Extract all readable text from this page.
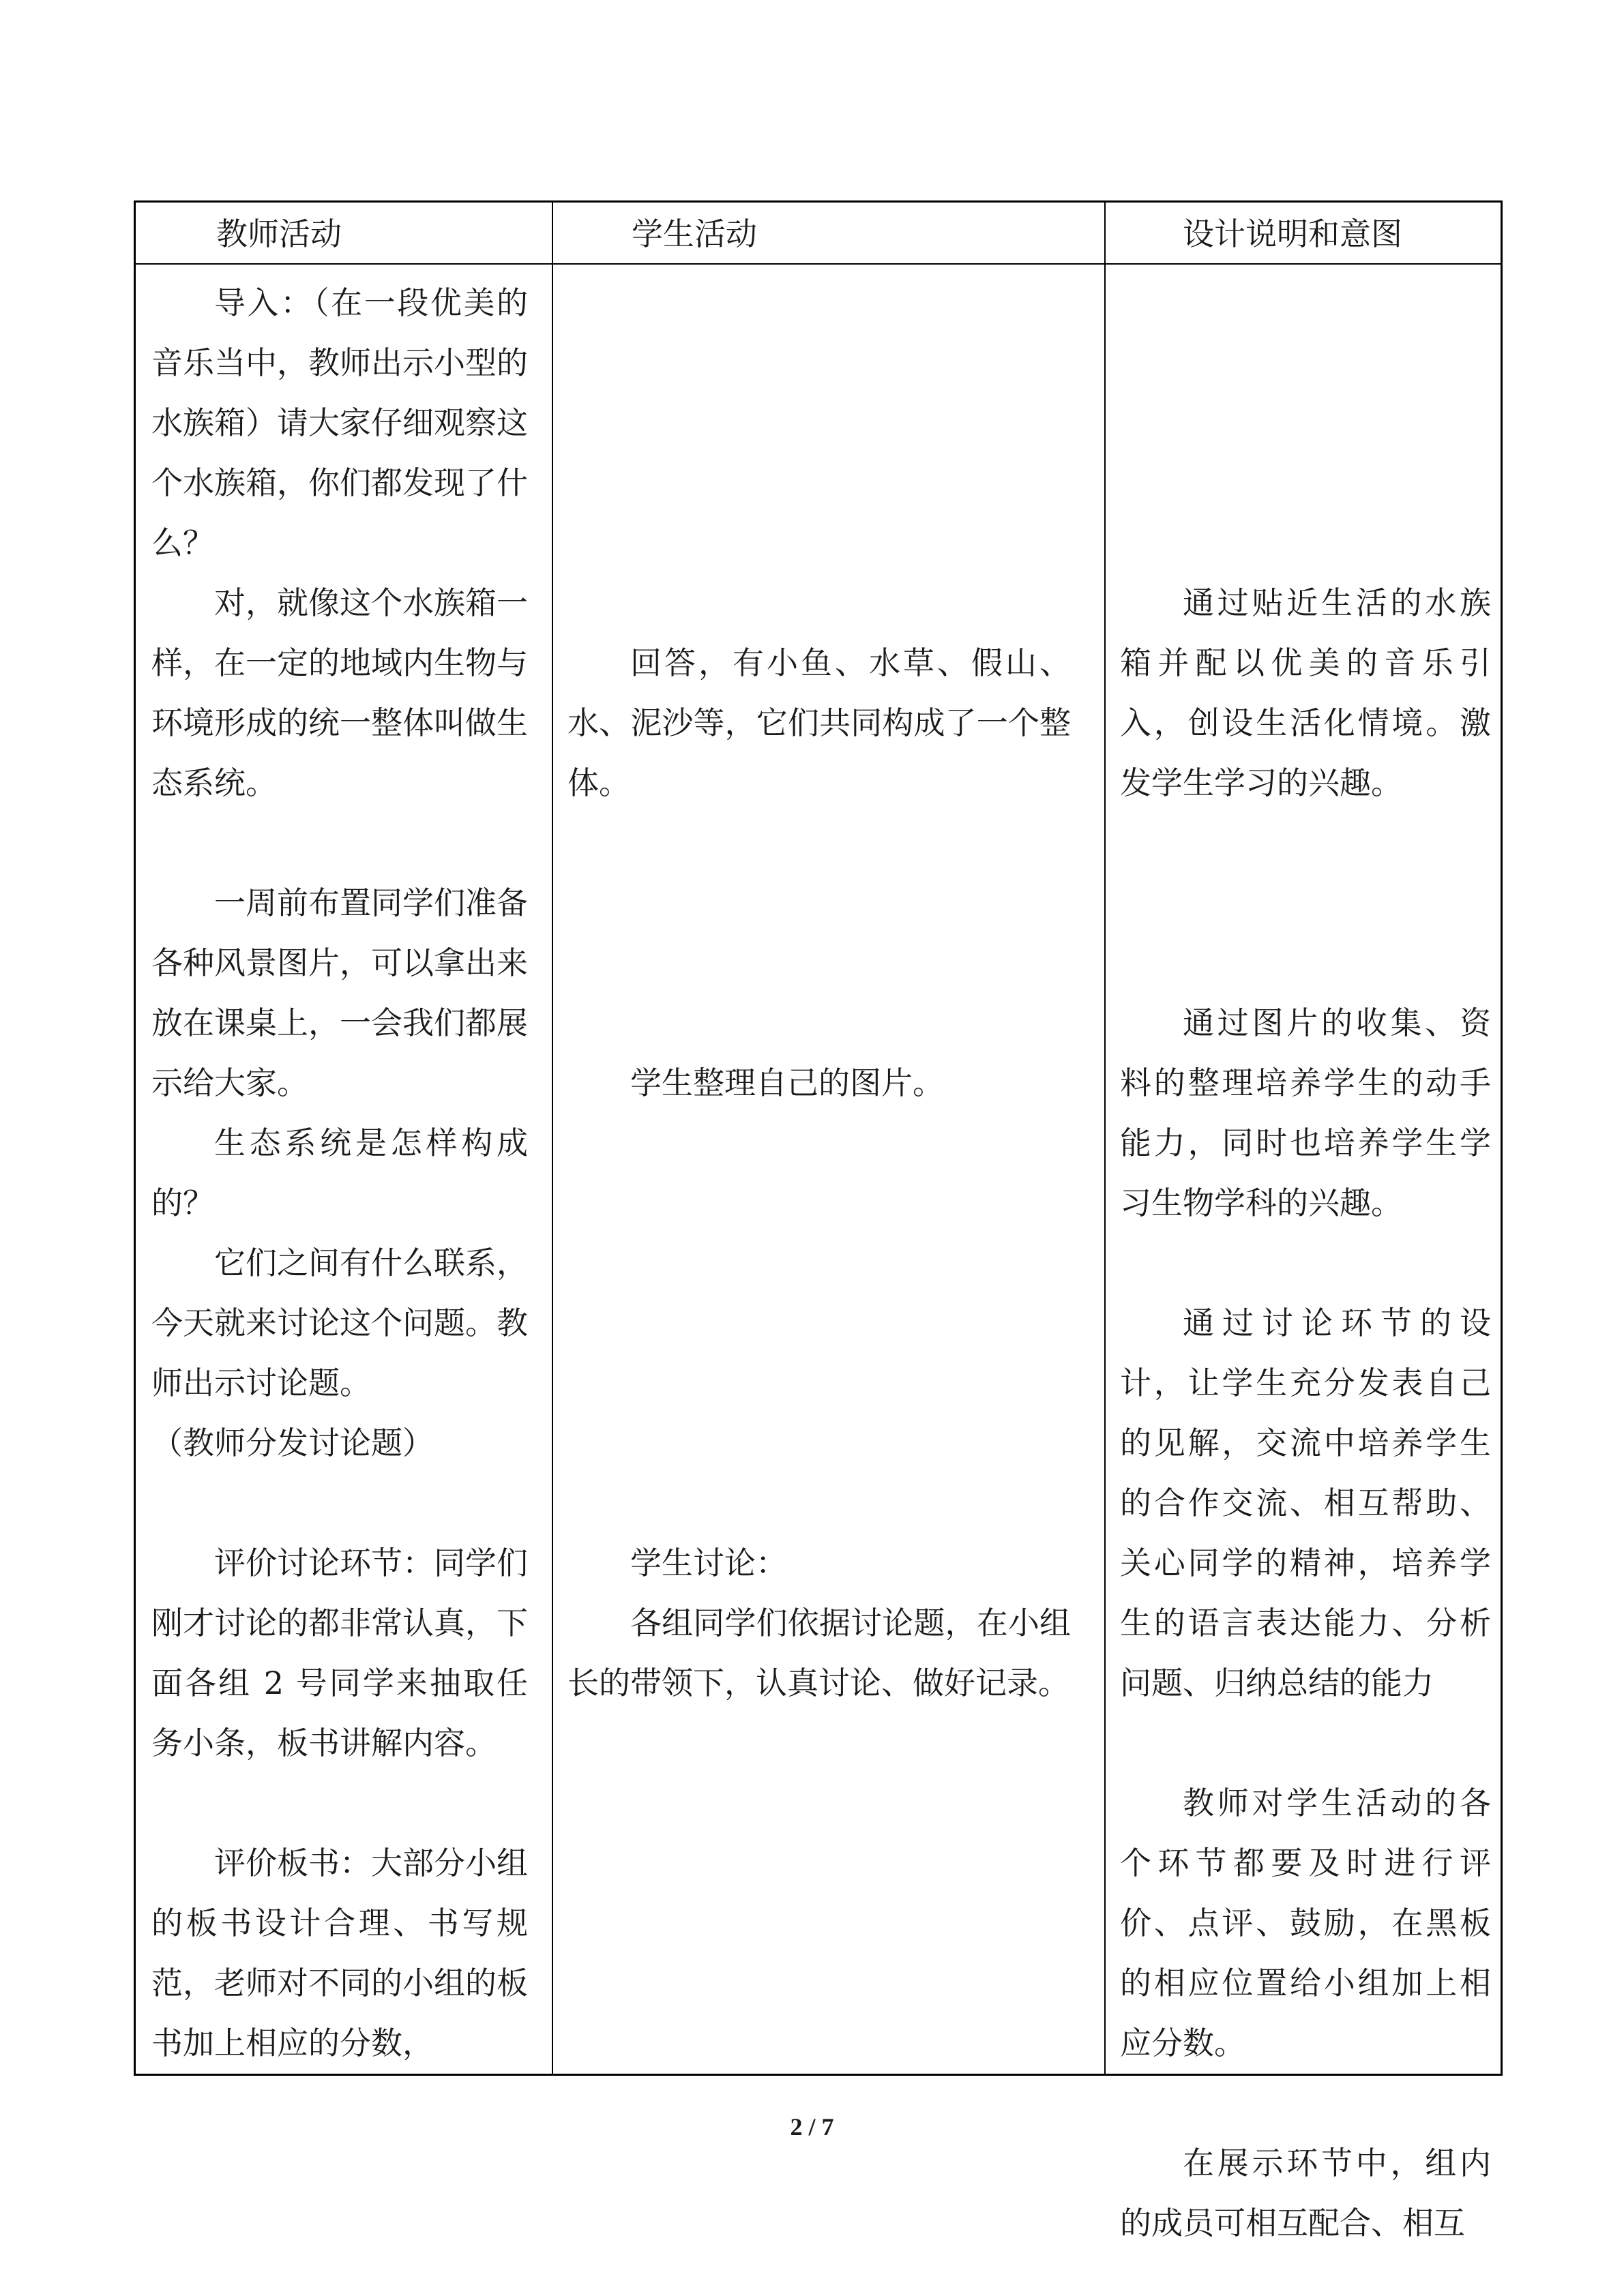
教师活动	学生活动	设计说明和意图

导入：（在一段优美的音乐当中，教师出示小型的水族箱）请大家仔细观察这个水族箱，你们都发现了什么？

对，就像这个水族箱一样，在一定的地域内生物与环境形成的统一整体叫做生态系统。

一周前布置同学们准备各种风景图片，可以拿出来放在课桌上，一会我们都展示给大家。

生态系统是怎样构成的？

它们之间有什么联系，今天就来讨论这个问题。教师出示讨论题。

（教师分发讨论题）

评价讨论环节：同学们刚才讨论的都非常认真，下面各组 2 号同学来抽取任务小条，板书讲解内容。

评价板书：大部分小组的板书设计合理、书写规范，老师对不同的小组的板书加上相应的分数，

回答，有小鱼、水草、假山、水、泥沙等，它们共同构成了一个整体。

学生整理自己的图片。

学生讨论：

各组同学们依据讨论题，在小组长的带领下，认真讨论、做好记录。

通过贴近生活的水族箱并配以优美的音乐引入，创设生活化情境。激发学生学习的兴趣。

通过图片的收集、资料的整理培养学生的动手能力，同时也培养学生学习生物学科的兴趣。

通过讨论环节的设计，让学生充分发表自己的见解，交流中培养学生的合作交流、相互帮助、关心同学的精神，培养学生的语言表达能力、分析问题、归纳总结的能力

教师对学生活动的各个环节都要及时进行评价、点评、鼓励，在黑板的相应位置给小组加上相应分数。

在展示环节中，组内的成员可相互配合、相互

2 / 7
